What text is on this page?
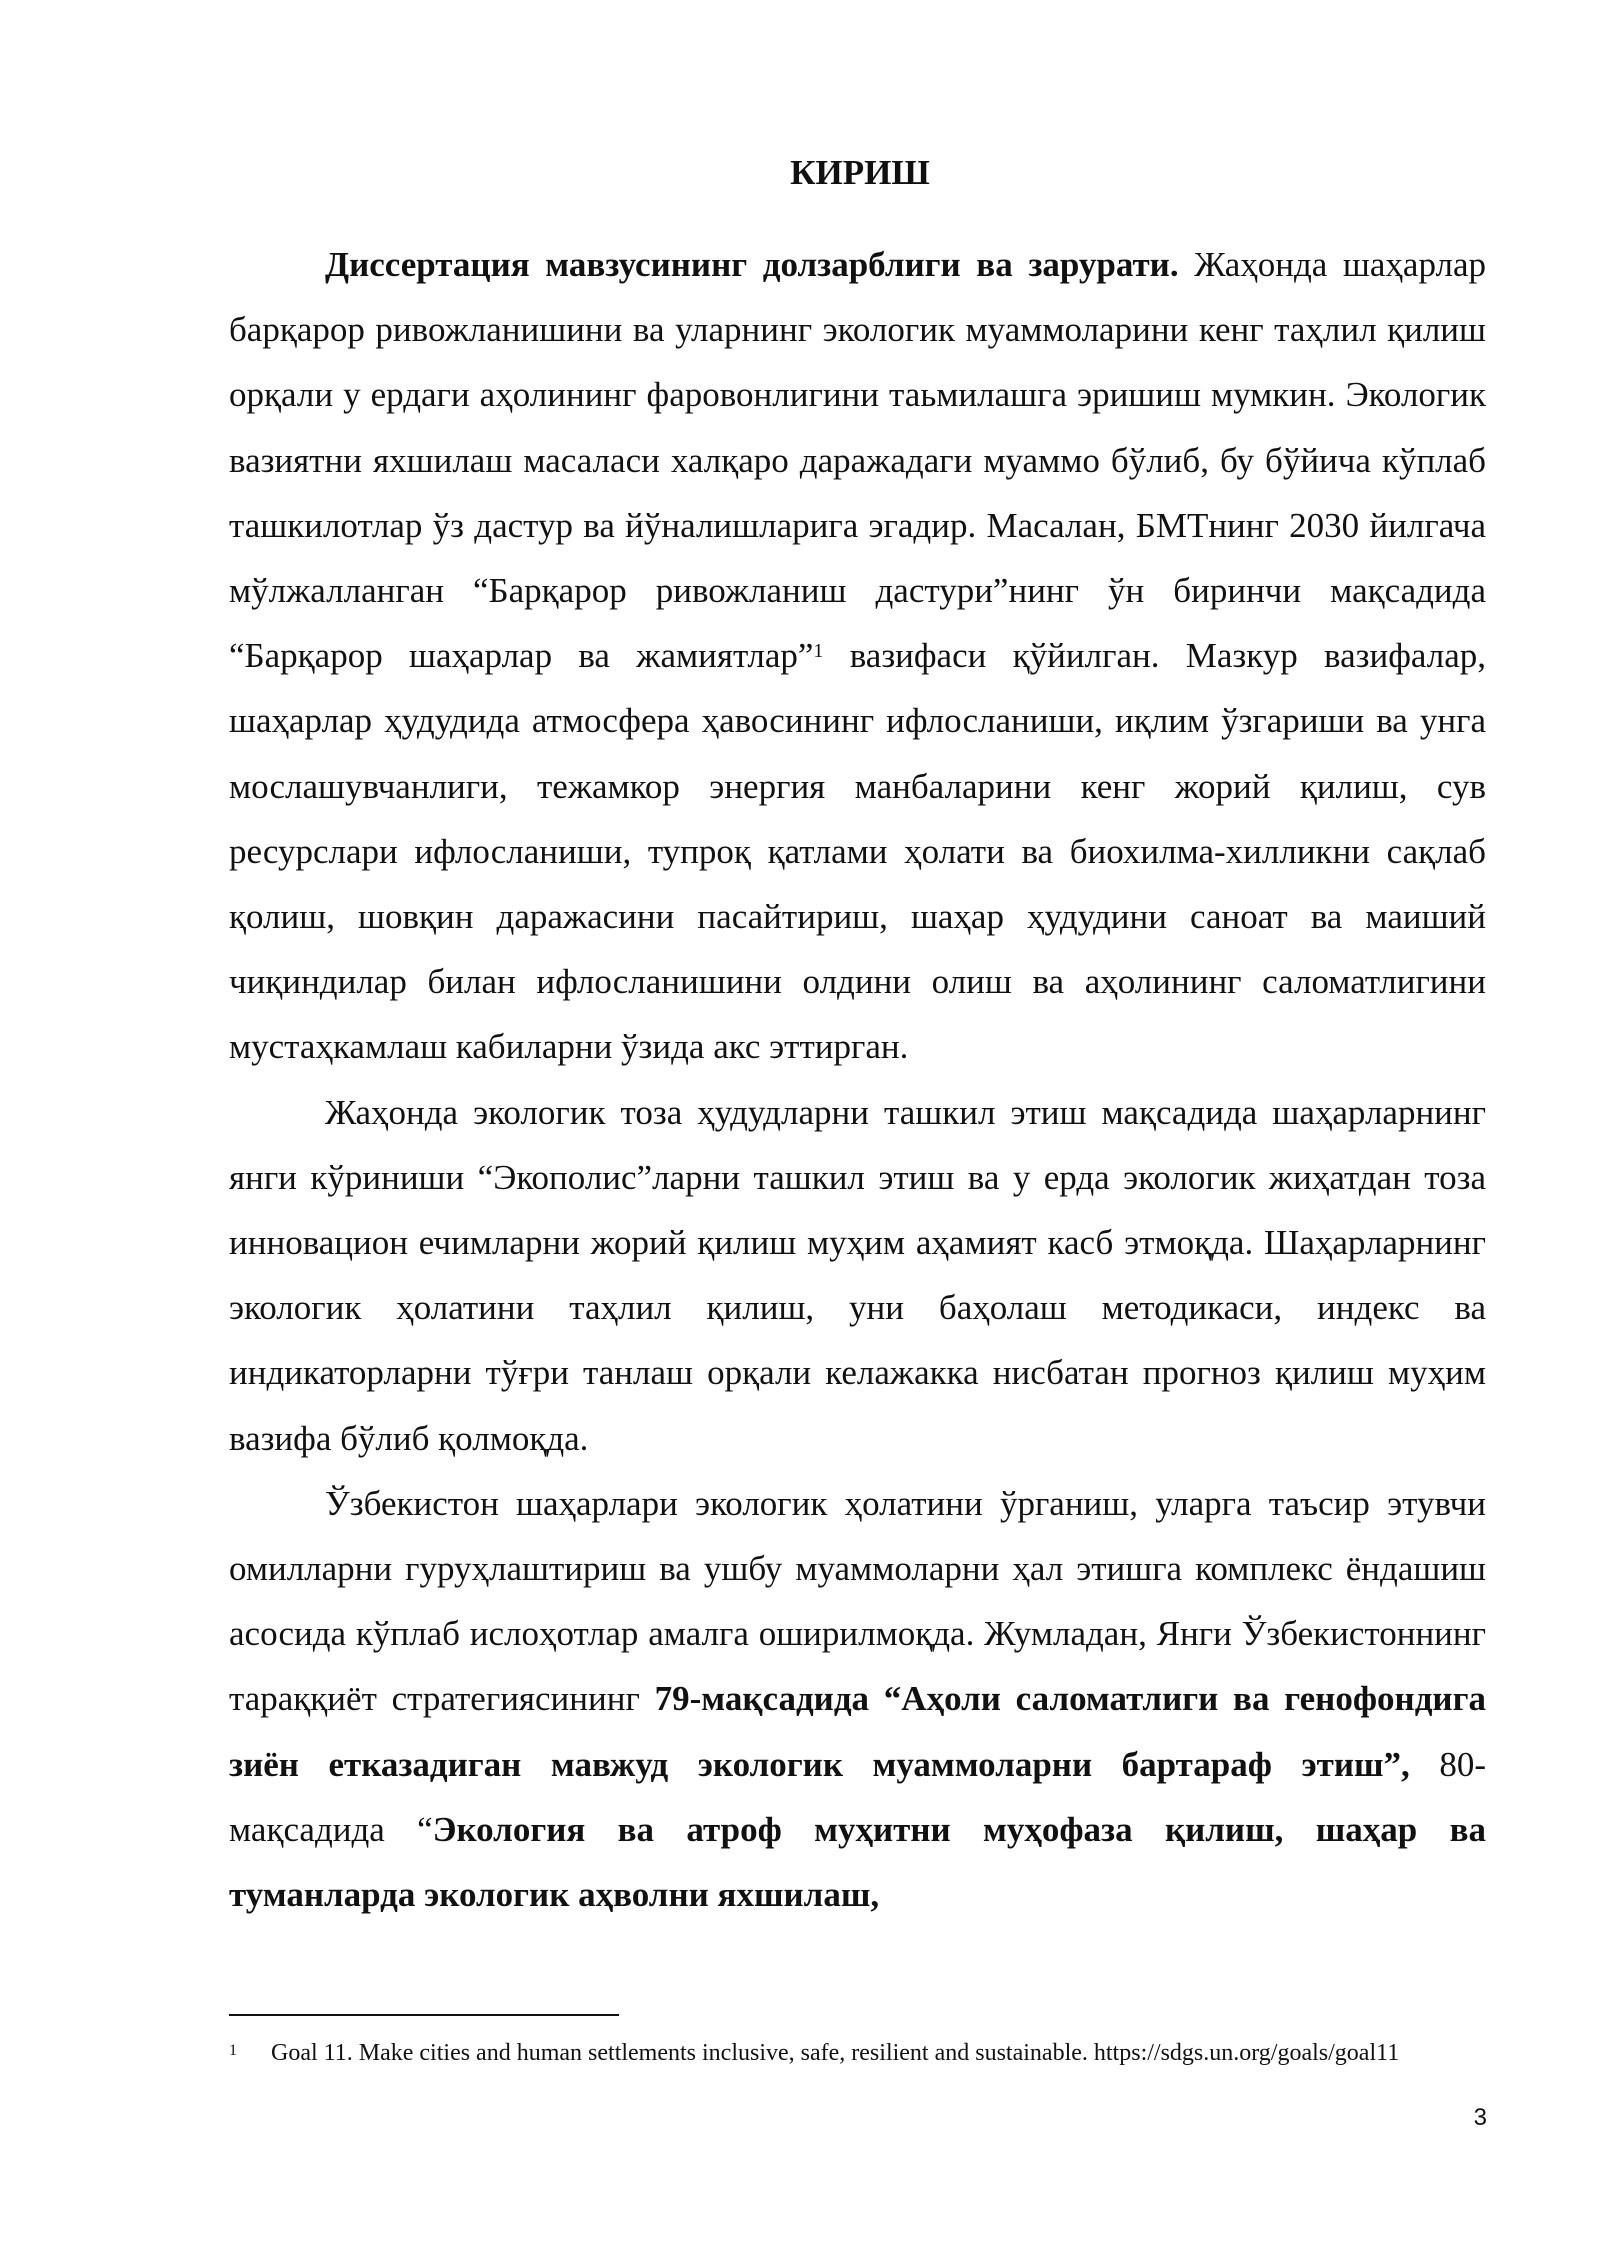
КИРИШ

Диссертация мавзусининг долзарблиги ва зарурати. Жаҳонда шаҳарлар барқарор ривожланишини ва уларнинг экологик муаммоларини кенг таҳлил қилиш орқали у ердаги аҳолининг фаровонлигини таьмилашга эришиш мумкин. Экологик вазиятни яхшилаш масаласи халқаро даражадаги муаммо бўлиб, бу бўйича кўплаб ташкилотлар ўз дастур ва йўналишларига эгадир. Масалан, БМТнинг 2030 йилгача мўлжалланган “Барқарор ривожланиш дастури”нинг ўн биринчи мақсадида “Барқарор шаҳарлар ва жамиятлар”$^1$ вазифаси қўйилган. Мазкур вазифалар, шаҳарлар ҳудудида атмосфера ҳавосининг ифлосланиши, иқлим ўзгариши ва унга мослашувчанлиги, тежамкор энергия манбаларини кенг жорий қилиш, сув ресурслари ифлосланиши, тупроқ қатлами ҳолати ва биохилма-хилликни сақлаб қолиш, шовқин даражасини пасайтириш, шаҳар ҳудудини саноат ва маиший чиқиндилар билан ифлосланишини олдини олиш ва аҳолининг саломатлигини мустаҳкамлаш кабиларни ўзида акс эттирган.

Жаҳонда экологик тоза ҳудудларни ташкил этиш мақсадида шаҳарларнинг янги кўриниши “Экополис”ларни ташкил этиш ва у ерда экологик жиҳатдан тоза инновацион ечимларни жорий қилиш муҳим аҳамият касб этмоқда. Шаҳарларнинг экологик ҳолатини таҳлил қилиш, уни баҳолаш методикаси, индекс ва индикаторларни тўғри танлаш орқали келажакка нисбатан прогноз қилиш муҳим вазифа бўлиб қолмоқда.

Ўзбекистон шаҳарлари экологик ҳолатини ўрганиш, уларга таъсир этувчи омилларни гуруҳлаштириш ва ушбу муаммоларни ҳал этишга комплекс ёндашиш асосида кўплаб ислоҳотлар амалга оширилмоқда. Жумладан, Янги Ўзбекистоннинг тараққиёт стратегиясининг 79-мақсадида “Аҳоли саломатлиги ва генофондига зиён етказадиган мавжуд экологик муаммоларни бартараф этиш”, 80-мақсадида “Экология ва атроф муҳитни муҳофаза қилиш, шаҳар ва туманларда экологик аҳволни яхшилаш,

$^1$ Goal 11. Make cities and human settlements inclusive, safe, resilient and sustainable. https://sdgs.un.org/goals/goal11
3
